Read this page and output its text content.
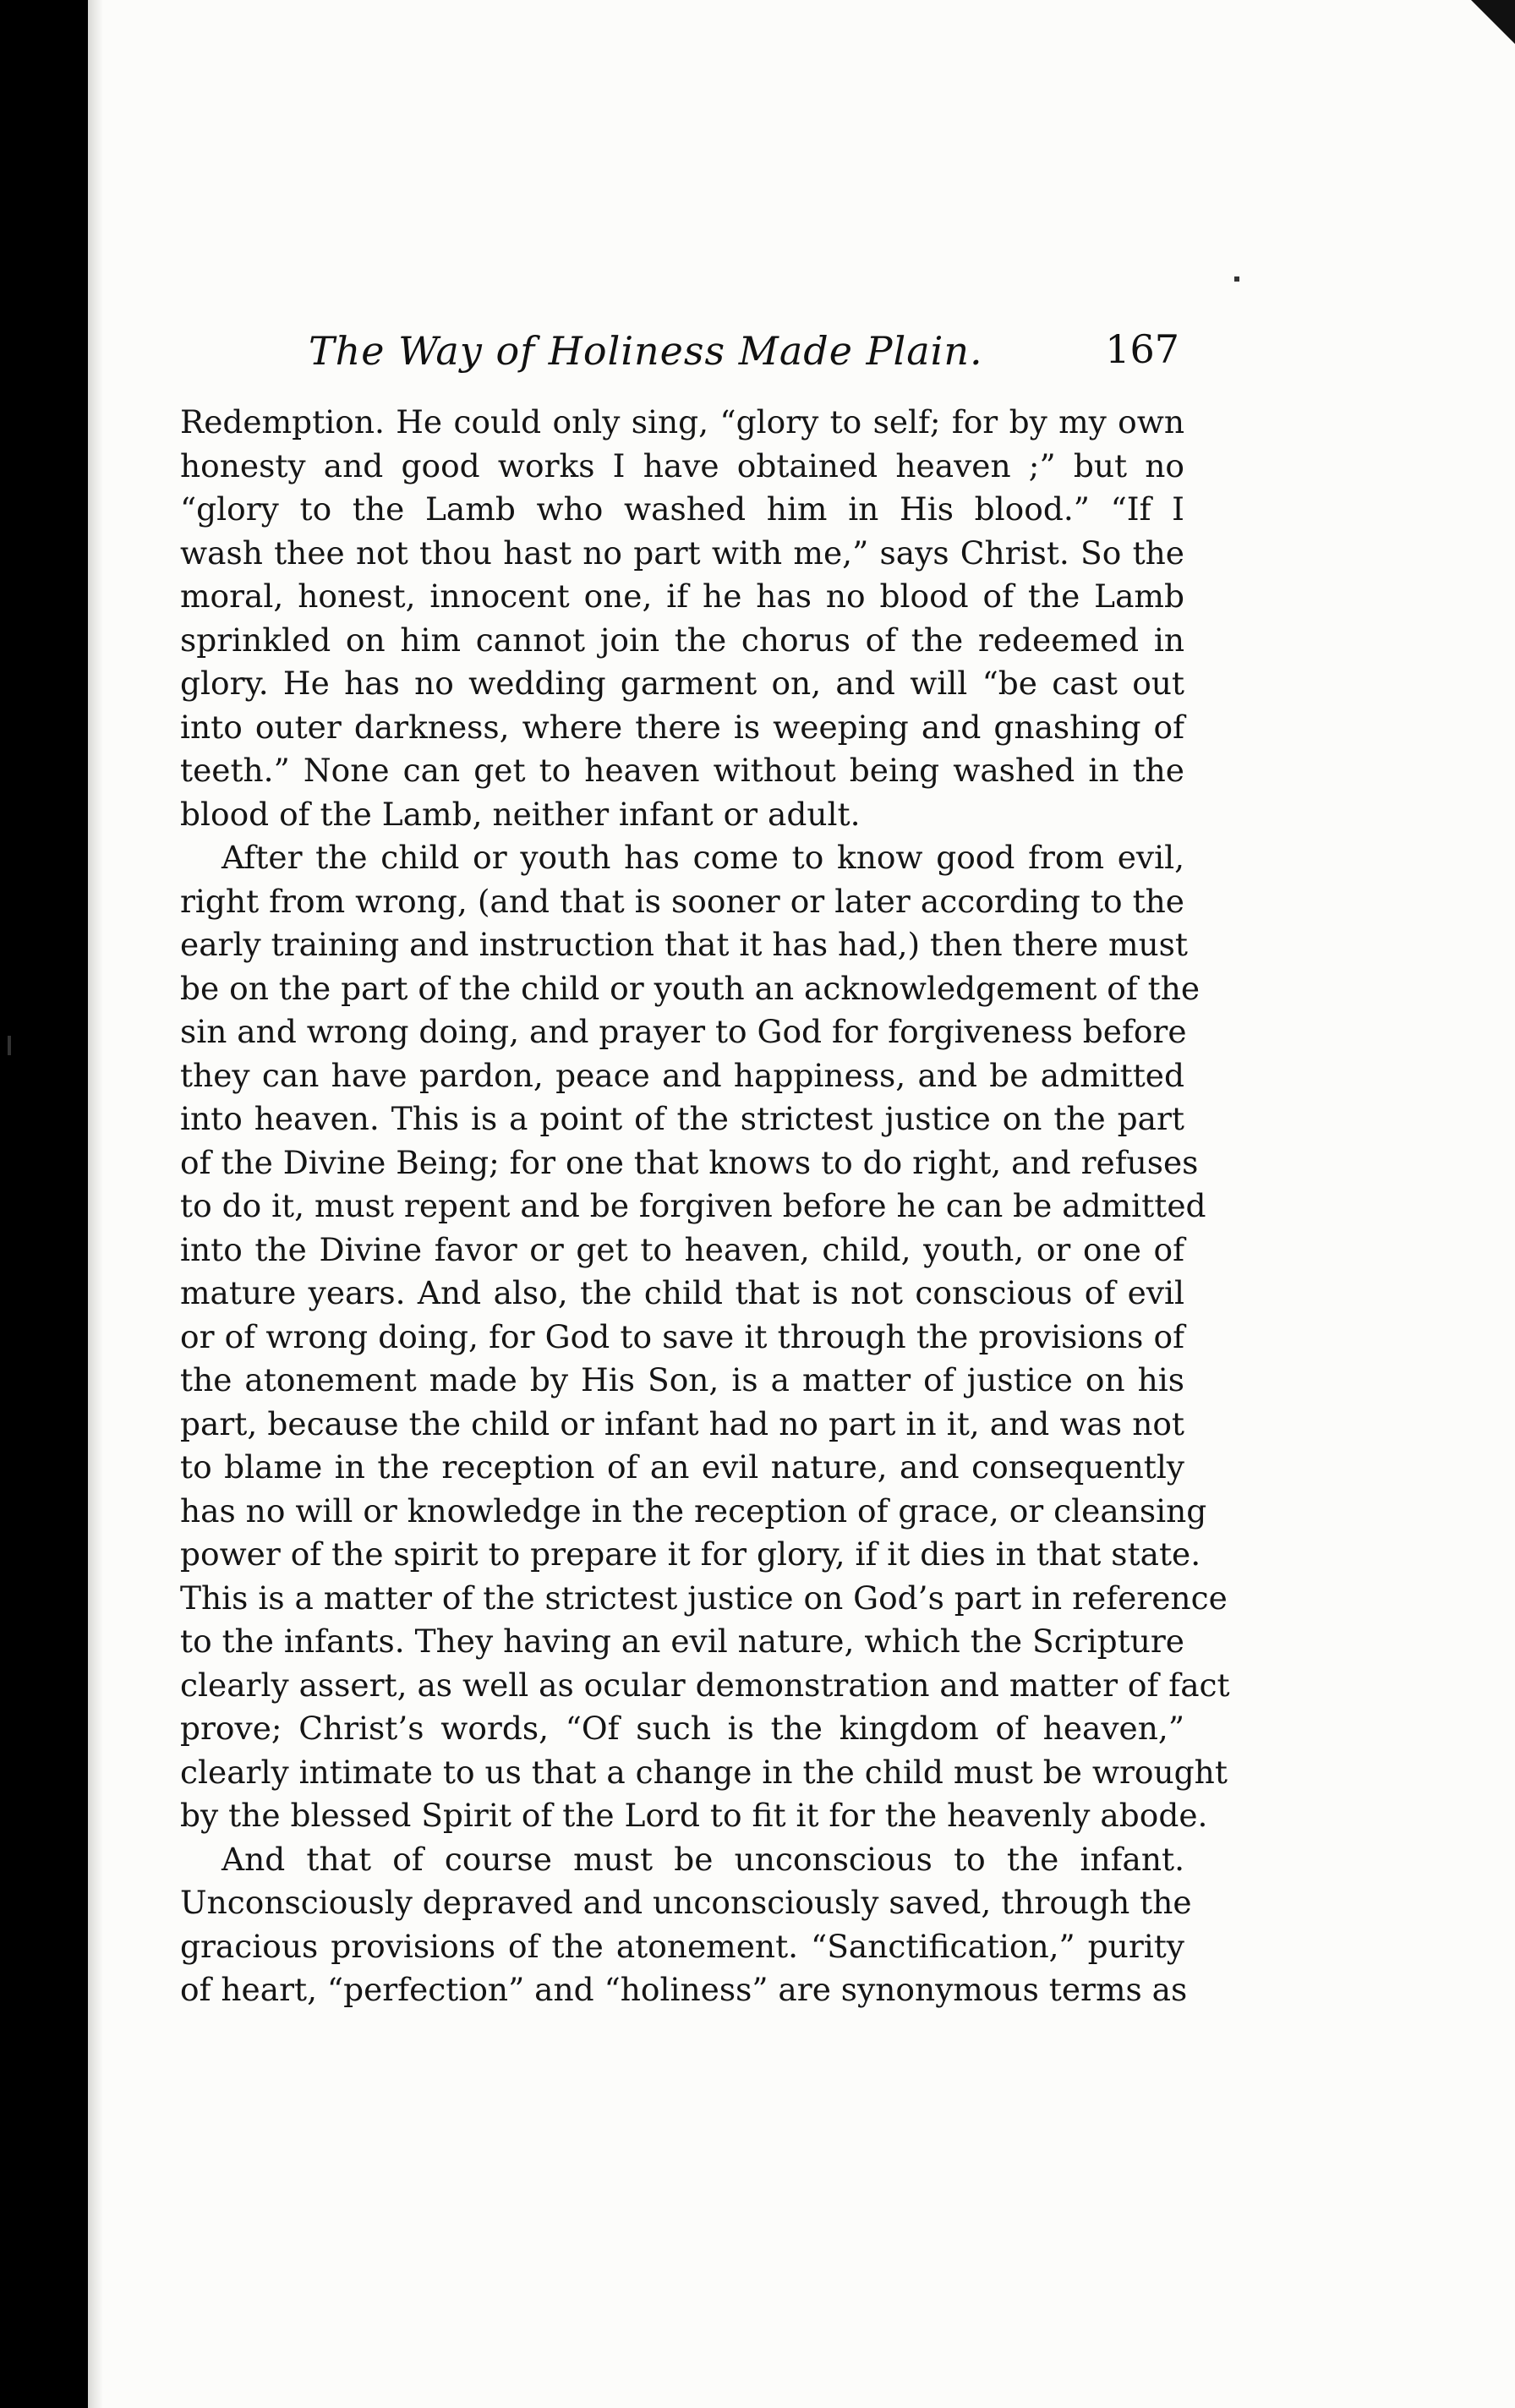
The Way of Holiness Made Plain.	167
Redemption. He could only sing, “glory to self; for by my own
honesty and good works I have obtained heaven ;” but no
“glory to the Lamb who washed him in His blood.” “If I
wash thee not thou hast no part with me,” says Christ. So the
moral, honest, innocent one, if he has no blood of the Lamb
sprinkled on him cannot join the chorus of the redeemed in
glory. He has no wedding garment on, and will “be cast out
into outer darkness, where there is weeping and gnashing of
teeth.” None can get to heaven without being washed in the
blood of the Lamb, neither infant or adult.
After the child or youth has come to know good from evil,
right from wrong, (and that is sooner or later according to the
early training and instruction that it has had,) then there must
be on the part of the child or youth an acknowledgement of the
sin and wrong doing, and prayer to God for forgiveness before
they can have pardon, peace and happiness, and be admitted
into heaven. This is a point of the strictest justice on the part
of the Divine Being; for one that knows to do right, and refuses
to do it, must repent and be forgiven before he can be admitted
into the Divine favor or get to heaven, child, youth, or one of
mature years. And also, the child that is not conscious of evil
or of wrong doing, for God to save it through the provisions of
the atonement made by His Son, is a matter of justice on his
part, because the child or infant had no part in it, and was not
to blame in the reception of an evil nature, and consequently
has no will or knowledge in the reception of grace, or cleansing
power of the spirit to prepare it for glory, if it dies in that state.
This is a matter of the strictest justice on God’s part in reference
to the infants. They having an evil nature, which the Scripture
clearly assert, as well as ocular demonstration and matter of fact
prove; Christ’s words, “Of such is the kingdom of heaven,”
clearly intimate to us that a change in the child must be wrought
by the blessed Spirit of the Lord to fit it for the heavenly abode.
And that of course must be unconscious to the infant.
Unconsciously depraved and unconsciously saved, through the
gracious provisions of the atonement. “Sanctification,” purity
of heart, “perfection” and “holiness” are synonymous terms as
